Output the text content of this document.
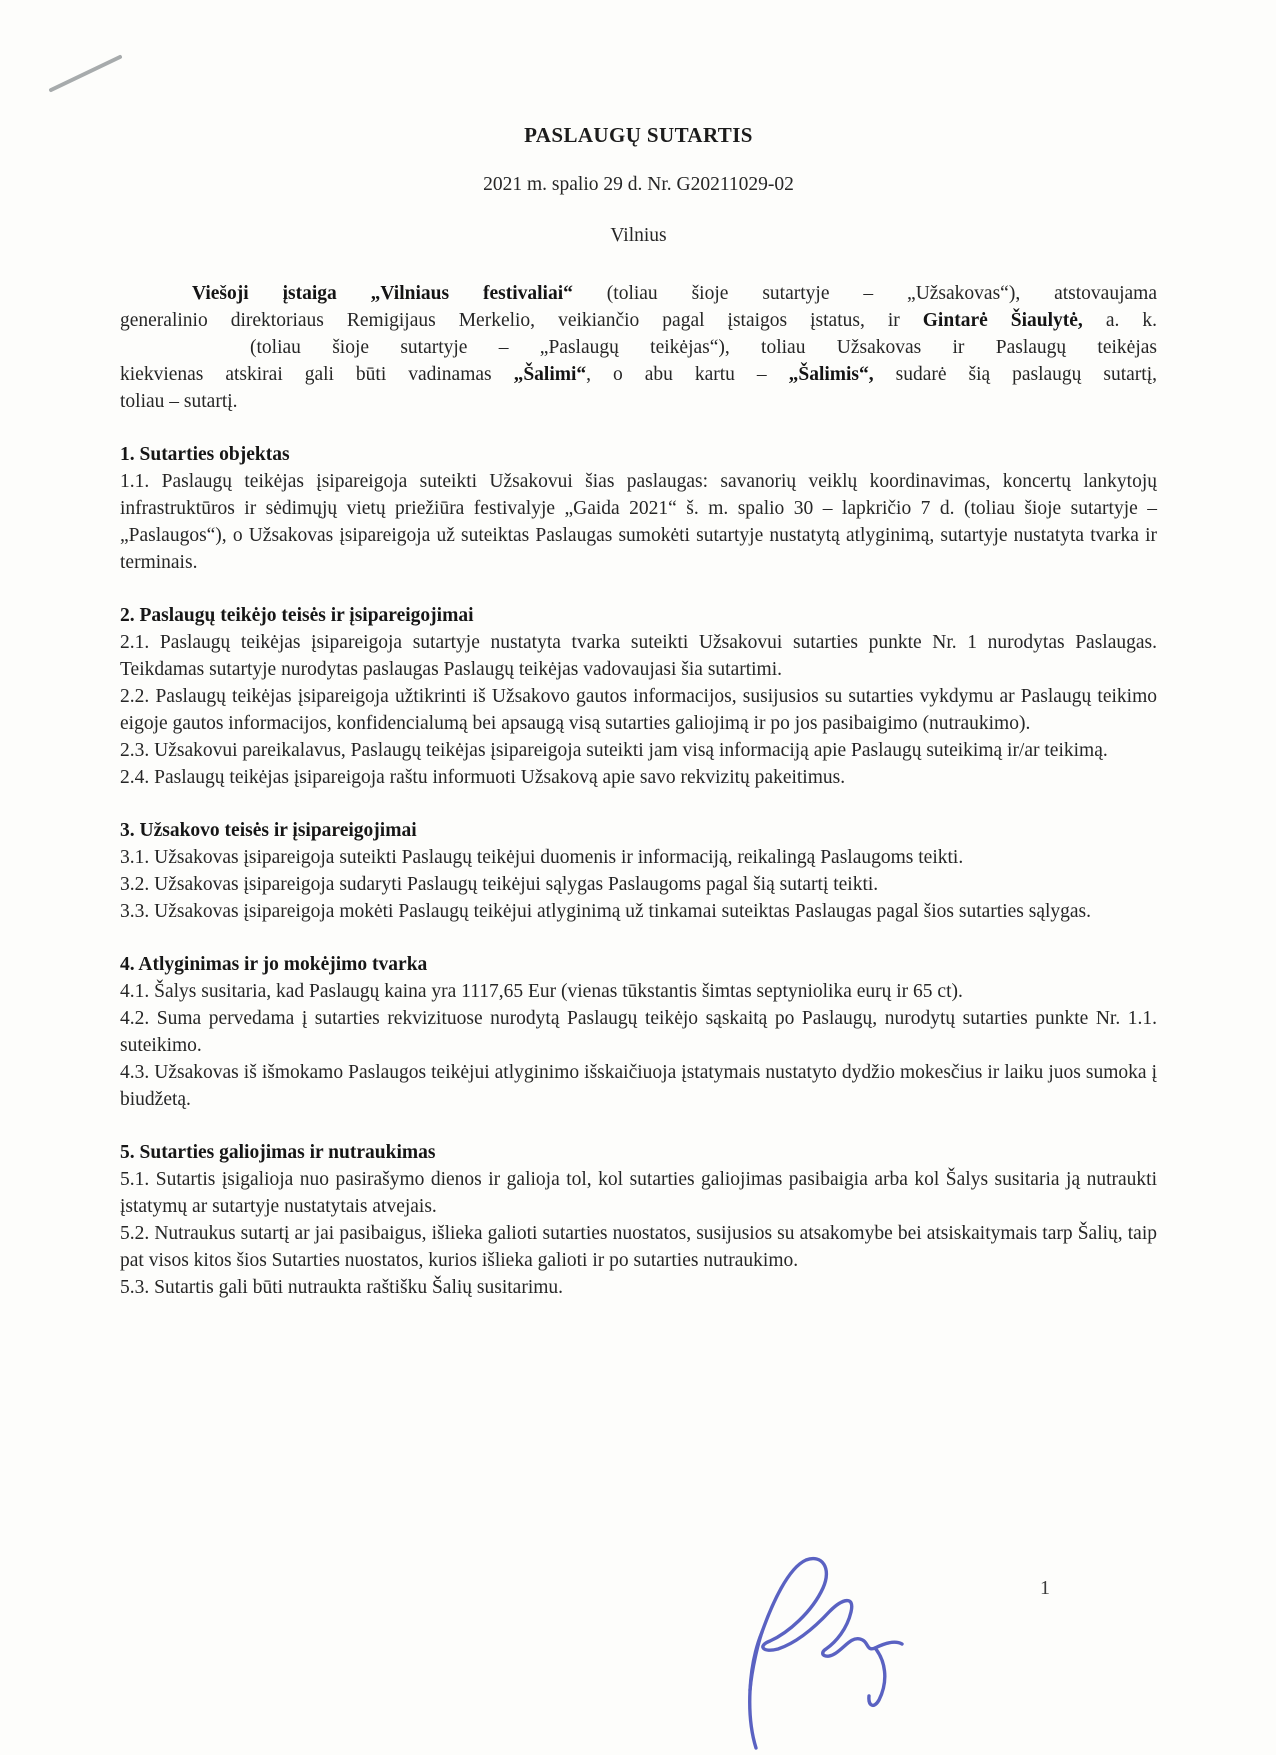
PASLAUGŲ SUTARTIS

2021 m. spalio 29 d. Nr. G20211029-02

Vilnius

Viešoji įstaiga „Vilniaus festivaliai“ (toliau šioje sutartyje – „Užsakovas“), atstovaujama
generalinio direktoriaus Remigijaus Merkelio, veikiančio pagal įstaigos įstatus, ir Gintarė Šiaulytė, a. k.
(toliau šioje sutartyje – „Paslaugų teikėjas“), toliau Užsakovas ir Paslaugų teikėjas
kiekvienas atskirai gali būti vadinamas „Šalimi“, o abu kartu – „Šalimis“, sudarė šią paslaugų sutartį,
toliau – sutartį.
1. Sutarties objektas

1.1. Paslaugų teikėjas įsipareigoja suteikti Užsakovui šias paslaugas: savanorių veiklų koordinavimas, koncertų lankytojų infrastruktūros ir sėdimųjų vietų priežiūra festivalyje „Gaida 2021“ š. m. spalio 30 – lapkričio 7 d. (toliau šioje sutartyje – „Paslaugos“), o Užsakovas įsipareigoja už suteiktas Paslaugas sumokėti sutartyje nustatytą atlyginimą, sutartyje nustatyta tvarka ir terminais.

2. Paslaugų teikėjo teisės ir įsipareigojimai

2.1. Paslaugų teikėjas įsipareigoja sutartyje nustatyta tvarka suteikti Užsakovui sutarties punkte Nr. 1 nurodytas Paslaugas. Teikdamas sutartyje nurodytas paslaugas Paslaugų teikėjas vadovaujasi šia sutartimi.

2.2. Paslaugų teikėjas įsipareigoja užtikrinti iš Užsakovo gautos informacijos, susijusios su sutarties vykdymu ar Paslaugų teikimo eigoje gautos informacijos, konfidencialumą bei apsaugą visą sutarties galiojimą ir po jos pasibaigimo (nutraukimo).

2.3. Užsakovui pareikalavus, Paslaugų teikėjas įsipareigoja suteikti jam visą informaciją apie Paslaugų suteikimą ir/ar teikimą.

2.4. Paslaugų teikėjas įsipareigoja raštu informuoti Užsakovą apie savo rekvizitų pakeitimus.

3. Užsakovo teisės ir įsipareigojimai

3.1. Užsakovas įsipareigoja suteikti Paslaugų teikėjui duomenis ir informaciją, reikalingą Paslaugoms teikti.

3.2. Užsakovas įsipareigoja sudaryti Paslaugų teikėjui sąlygas Paslaugoms pagal šią sutartį teikti.

3.3. Užsakovas įsipareigoja mokėti Paslaugų teikėjui atlyginimą už tinkamai suteiktas Paslaugas pagal šios sutarties sąlygas.

4. Atlyginimas ir jo mokėjimo tvarka

4.1. Šalys susitaria, kad Paslaugų kaina yra 1117,65 Eur (vienas tūkstantis šimtas septyniolika eurų ir 65 ct).

4.2. Suma pervedama į sutarties rekvizituose nurodytą Paslaugų teikėjo sąskaitą po Paslaugų, nurodytų sutarties punkte Nr. 1.1. suteikimo.

4.3. Užsakovas iš išmokamo Paslaugos teikėjui atlyginimo išskaičiuoja įstatymais nustatyto dydžio mokesčius ir laiku juos sumoka į biudžetą.

5. Sutarties galiojimas ir nutraukimas

5.1. Sutartis įsigalioja nuo pasirašymo dienos ir galioja tol, kol sutarties galiojimas pasibaigia arba kol Šalys susitaria ją nutraukti įstatymų ar sutartyje nustatytais atvejais.

5.2. Nutraukus sutartį ar jai pasibaigus, išlieka galioti sutarties nuostatos, susijusios su atsakomybe bei atsiskaitymais tarp Šalių, taip pat visos kitos šios Sutarties nuostatos, kurios išlieka galioti ir po sutarties nutraukimo.

5.3. Sutartis gali būti nutraukta raštišku Šalių susitarimu.

1
